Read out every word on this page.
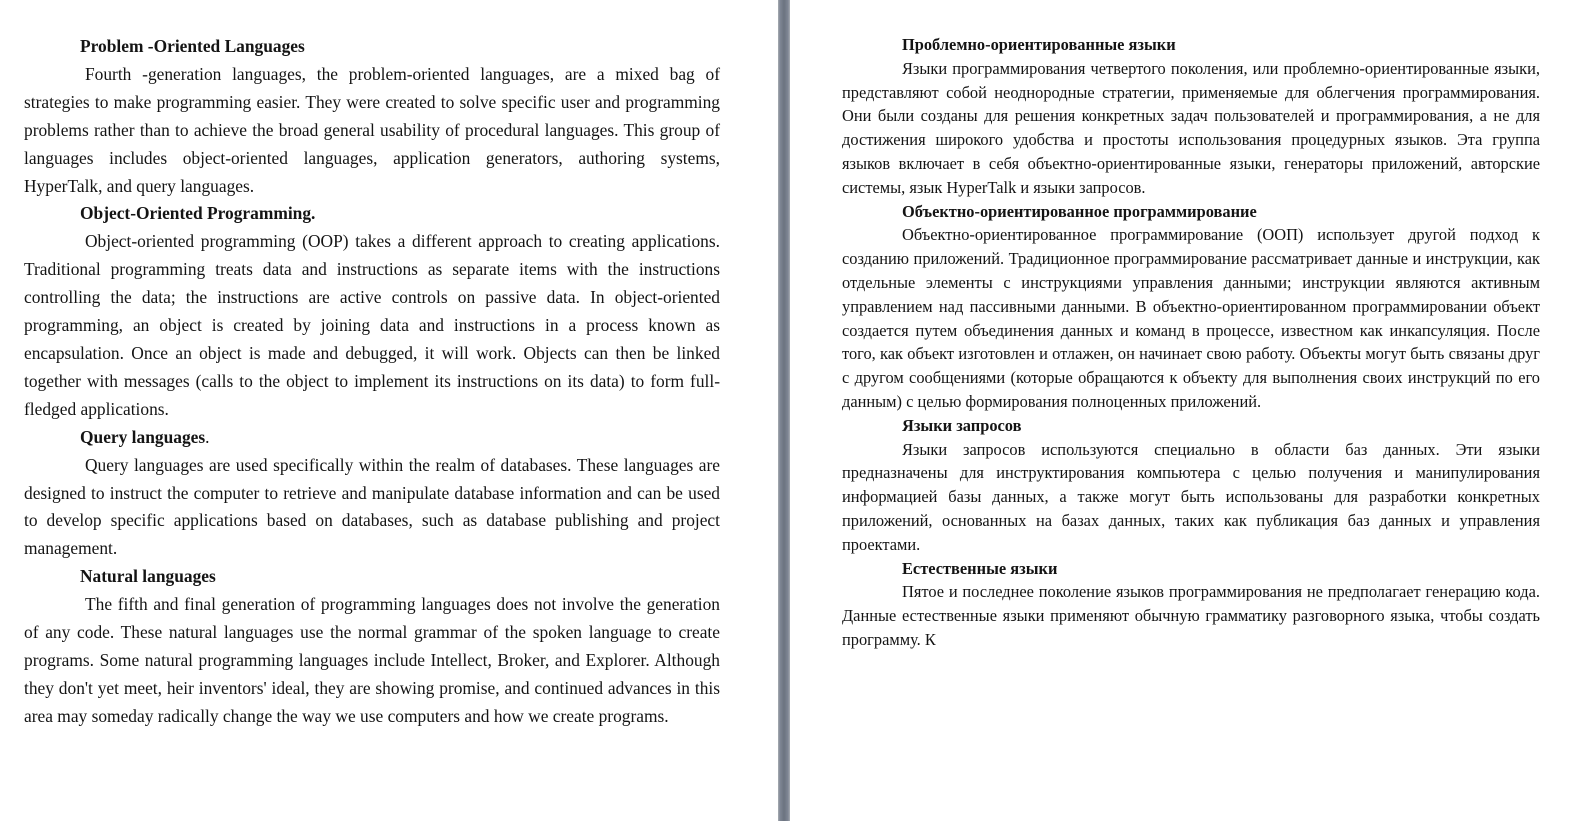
Problem -Oriented Languages

Fourth -generation languages, the problem-oriented languages, are a mixed bag of strategies to make programming easier. They were created to solve specific user and programming problems rather than to achieve the broad general usability of procedural languages. This group of languages includes object-oriented languages, application generators, authoring systems, HyperTalk, and query languages.

Object-Oriented Programming.

Object-oriented programming (OOP) takes a different approach to creating applications. Traditional programming treats data and instructions as separate items with the instructions controlling the data; the instructions are active controls on passive data. In object-oriented programming, an object is created by joining data and instructions in a process known as encapsulation. Once an object is made and debugged, it will work. Objects can then be linked together with messages (calls to the object to implement its instructions on its data) to form full-fledged applications.

Query languages.

Query languages are used specifically within the realm of databases. These languages are designed to instruct the computer to retrieve and manipulate database information and can be used to develop specific applications based on databases, such as database publishing and project management.

Natural languages

The fifth and final generation of programming languages does not involve the generation of any code. These natural languages use the normal grammar of the spoken language to create programs. Some natural programming languages include Intellect, Broker, and Explorer. Although they don't yet meet, heir inventors' ideal, they are showing promise, and continued advances in this area may someday radically change the way we use computers and how we create programs.

Проблемно-ориентированные языки

Языки программирования четвертого поколения, или проблемно-ориентированные языки, представляют собой неоднородные стратегии, применяемые для облегчения программирования. Они были созданы для решения конкретных задач пользователей и программирования, а не для достижения широкого удобства и простоты использования процедурных языков. Эта группа языков включает в себя объектно-ориентированные языки, генераторы приложений, авторские системы, язык HyperTalk и языки запросов.

Объектно-ориентированное программирование

Объектно-ориентированное программирование (ООП) использует другой подход к созданию приложений. Традиционное программирование рассматривает данные и инструкции, как отдельные элементы с инструкциями управления данными; инструкции являются активным управлением над пассивными данными. В объектно-ориентированном программировании объект создается путем объединения данных и команд в процессе, известном как инкапсуляция. После того, как объект изготовлен и отлажен, он начинает свою работу. Объекты могут быть связаны друг с другом сообщениями (которые обращаются к объекту для выполнения своих инструкций по его данным) с целью формирования полноценных приложений.

Языки запросов

Языки запросов используются специально в области баз данных. Эти языки предназначены для инструктирования компьютера с целью получения и манипулирования информацией базы данных, а также могут быть использованы для разработки конкретных приложений, основанных на базах данных, таких как публикация баз данных и управления проектами.

Естественные языки

Пятое и последнее поколение языков программирования не предполагает генерацию кода. Данные естественные языки применяют обычную грамматику разговорного языка, чтобы создать программу. К
